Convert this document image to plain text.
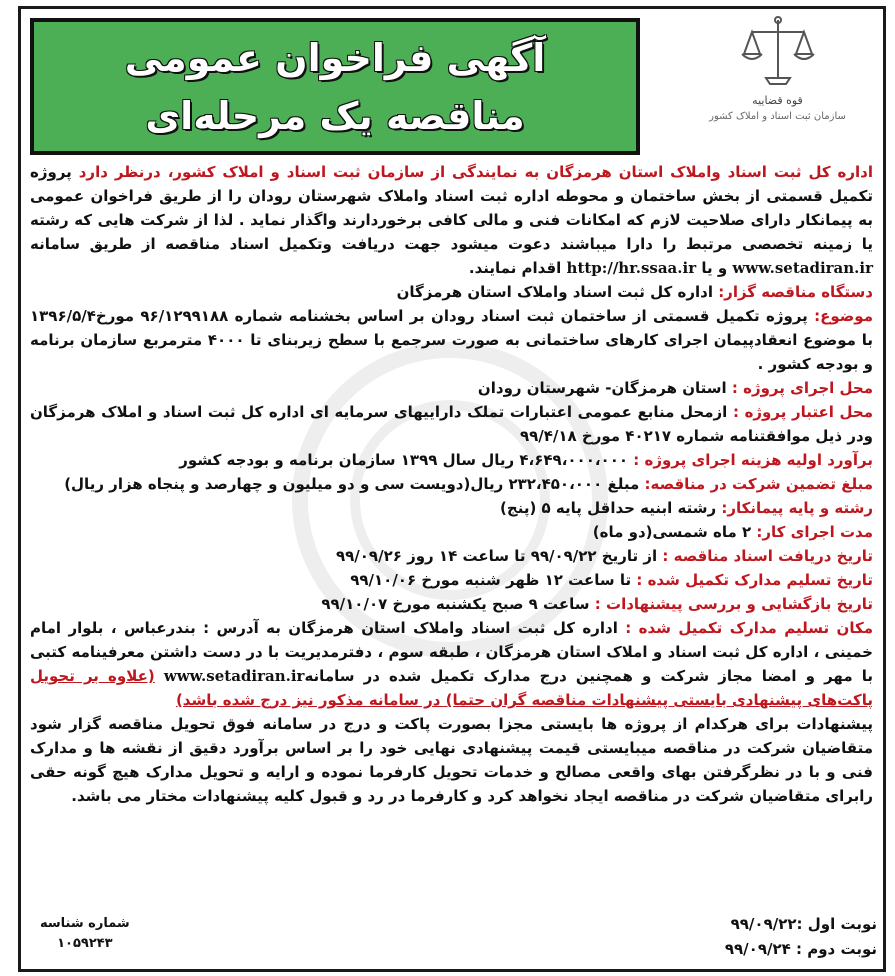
آگهی فراخوان عمومی
مناقصه یک مرحله‌ای	قوه قضاییه
سازمان ثبت اسناد و املاک کشور

اداره کل ثبت اسناد واملاک استان هرمزگان به نمایندگی از سازمان ثبت اسناد و املاک کشور، درنظر دارد پروژه تکمیل قسمتی از بخش ساختمان و محوطه اداره ثبت اسناد واملاک شهرستان رودان را از طریق فراخوان عمومی به پیمانکار دارای صلاحیت لازم که امکانات فنی و مالی کافی برخوردارند واگذار نماید . لذا از شرکت هایی که رشته یا زمینه تخصصی مرتبط را دارا میباشند دعوت میشود جهت دریافت وتکمیل اسناد مناقصه از طریق سامانه www.setadiran.ir و یا http://hr.ssaa.ir اقدام نمایند.

دستگاه مناقصه گزار: اداره کل ثبت اسناد واملاک استان هرمزگان

موضوع: پروژه تکمیل قسمتی از ساختمان ثبت اسناد رودان بر اساس بخشنامه شماره ۹۶/۱۲۹۹۱۸۸ مورخ۱۳۹۶/۵/۴ با موضوع انعقادپیمان اجرای کارهای ساختمانی به صورت سرجمع با سطح زیربنای تا ۴۰۰۰ مترمربع سازمان برنامه و بودجه کشور .

محل اجرای پروژه : استان هرمزگان- شهرستان رودان

محل اعتبار پروژه : ازمحل منابع عمومی اعتبارات تملک داراییهای سرمایه ای اداره کل ثبت اسناد و املاک هرمزگان ودر ذیل موافقتنامه شماره ۴۰۲۱۷ مورخ ۹۹/۴/۱۸

برآورد اولیه هزینه اجرای پروژه : ۴،۶۴۹،۰۰۰،۰۰۰ ریال سال ۱۳۹۹ سازمان برنامه و بودجه کشور

مبلغ تضمین شرکت در مناقصه: مبلغ ۲۳۲،۴۵۰،۰۰۰ ریال(دویست سی و دو میلیون و چهارصد و پنجاه هزار ریال)

رشته و پایه پیمانکار: رشته ابنیه حداقل پایه ۵ (پنج)

مدت اجرای کار: ۲ ماه شمسی(دو ماه)

تاریخ دریافت اسناد مناقصه : از تاریخ ۹۹/۰۹/۲۲ تا ساعت ۱۴ روز ۹۹/۰۹/۲۶

تاریخ تسلیم مدارک تکمیل شده : تا ساعت ۱۲ ظهر شنبه مورخ ۹۹/۱۰/۰۶

تاریخ بازگشایی و بررسی پیشنهادات : ساعت ۹ صبح یکشنبه مورخ ۹۹/۱۰/۰۷

مکان تسلیم مدارک تکمیل شده : اداره کل ثبت اسناد واملاک استان هرمزگان به آدرس : بندرعباس ، بلوار امام خمینی ، اداره کل ثبت اسناد و املاک استان هرمزگان ، طبقه سوم ، دفترمدیریت با در دست داشتن معرفینامه کتبی با مهر و امضا مجاز شرکت و همچنین درج مدارک تکمیل شده در سامانهwww.setadiran.ir (علاوه بر تحویل پاکت‌های پیشنهادی بایستی پیشنهادات مناقصه گران حتما) در سامانه مذکور نیز درج شده باشد)

پیشنهادات برای هرکدام از پروژه ها بایستی مجزا بصورت پاکت و درج در سامانه فوق تحویل مناقصه گزار شود متقاضیان شرکت در مناقصه میبایستی قیمت پیشنهادی نهایی خود را بر اساس برآورد دقیق از نقشه ها و مدارک فنی و با در نظرگرفتن بهای واقعی مصالح و خدمات تحویل کارفرما نموده و ارایه و تحویل مدارک هیچ گونه حقی رابرای متقاضیان شرکت در مناقصه ایجاد نخواهد کرد و کارفرما در رد و قبول کلیه پیشنهادات مختار می باشد.

نوبت اول :۹۹/۰۹/۲۲
نوبت دوم : ۹۹/۰۹/۲۴
شماره شناسه
۱۰۵۹۲۴۳
